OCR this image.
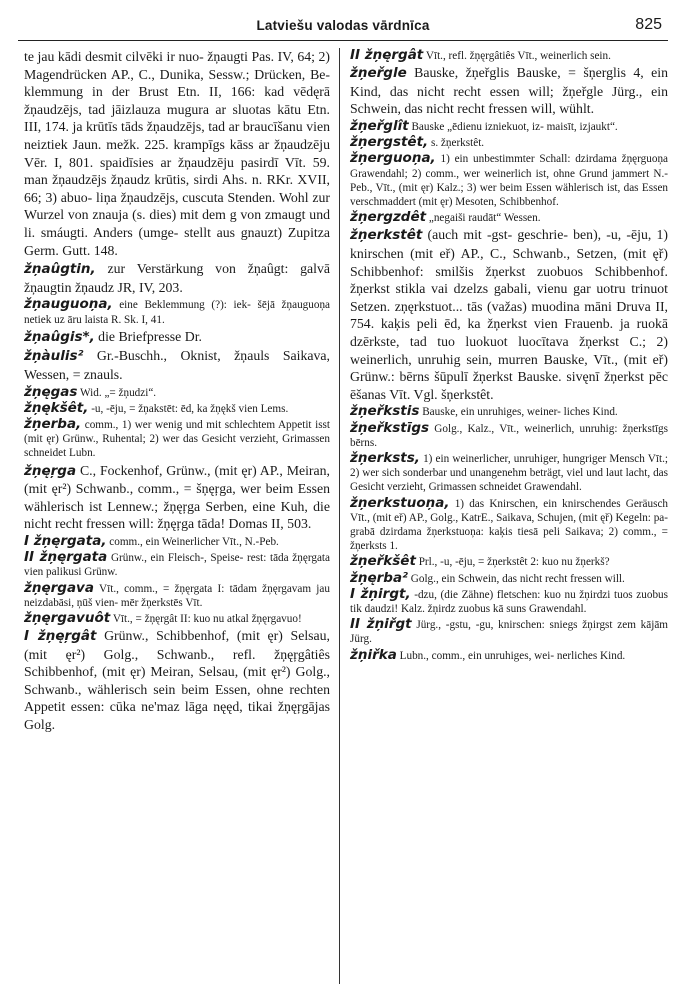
Latviešu valodas vārdnīca	825

te jau kādi desmit cilvēki ir nuo- žņaugti Pas. IV, 64; 2) Magendrücken AP., C., Dunika, Sessw.; Drücken, Be- klemmung in der Brust Etn. II, 166: kad vēdęrā žņaudzējs, tad jāizlauza mugura ar sluotas kātu Etn. III, 174. ja krūtīs tāds žņaudzējs, tad ar braucīšanu vien neiztiek Jaun. mežk. 225. krampīgs kāss ar žņaudzēju Vēr. I, 801. spaidīsies ar žņaudzēju pasirdī Vīt. 59. man žņaudzējs žņaudz krūtis, sirdi Ahs. n. RKr. XVII, 66; 3) abuo- liņa žņaudzējs, cuscuta Stenden. Wohl zur Wurzel von znauja (s. dies) mit dem g von zmaugt und li. smáugti. Anders (umge- stellt aus gnauzt) Zupitza Germ. Gutt. 148.

žņaûgtin, zur Verstärkung von žņaûgt: galvā žņaugtin žņaudz JR, IV, 203.

žņauguoņa, eine Beklemmung (?): iek- šējā žņauguoņa netiek uz āru laista R. Sk. I, 41.

žņaûgis*, die Briefpresse Dr.

žņàulis² Gr.-Buschh., Oknist, žņauls Saikava, Wessen, = znauls.

žņęgas Wid. „= žņudzi“.

žņękšêt, -u, -ēju, = žņakstēt: ēd, ka žņękš vien Lems.

žņerba, comm., 1) wer wenig und mit schlechtem Appetit isst (mit ęr) Grünw., Ruhental; 2) wer das Gesicht verzieht, Grimassen schneidet Lubn.

žņęŗga C., Fockenhof, Grünw., (mit ęr) AP., Meiran, (mit ęr²) Schwanb., comm., = šņęŗga, wer beim Essen wählerisch ist Lennew.; žņęŗga Serben, eine Kuh, die nicht recht fressen will: žņęŗga tāda! Domas II, 503.

I žņęrgata, comm., ein Weinerlicher Vīt., N.-Peb.

II žņęrgata Grünw., ein Fleisch-, Speise- rest: tāda žņęrgata vien palikusi Grünw.

žņęrgava Vīt., comm., = žņęrgata I: tādam žņęrgavam jau neizdabāsi, ņūš vien- mēr žņerkstēs Vīt.

žņęrgavuôt Vīt., = žņęrgât II: kuo nu atkal žņęrgavuo!

I žņęŗgât Grünw., Schibbenhof, (mit ęr) Selsau, (mit ęr²) Golg., Schwanb., refl. žņęŗgâtiês Schibbenhof, (mit ęr) Meiran, Selsau, (mit ęr²) Golg., Schwanb., wählerisch sein beim Essen, ohne rechten Appetit essen: cūka ne'maz lāga nęęd, tikai žņęŗgājas Golg.

II žņęrgât Vīt., refl. žņęrgâtiês Vīt., weinerlich sein.

žņeřgle Bauske, žņeřglis Bauske, = šņerglis 4, ein Kind, das nicht recht essen will; žņeřgle Jürg., ein Schwein, das nicht recht fressen will, wühlt.

žņeřglît Bauske „ēdienu izniekuot, iz- maisīt, izjaukt“.

žņergstêt, s. žņerkstêt.

žņerguoņa, 1) ein unbestimmter Schall: dzirdama žņęrguoņa Grawendahl; 2) comm., wer weinerlich ist, ohne Grund jammert N.- Peb., Vīt., (mit ęr) Kalz.; 3) wer beim Essen wählerisch ist, das Essen verschmaddert (mit ęr) Mesoten, Schibbenhof.

žņergzdêt „negaiši raudāt“ Wessen.

žņerkstêt (auch mit -gst- geschrie- ben), -u, -ēju, 1) knirschen (mit eř) AP., C., Schwanb., Setzen, (mit ęř) Schibbenhof: smilšis žņerkst zuobuos Schibbenhof. žņerkst stikla vai dzelzs gabali, vienu gar uotru trinuot Setzen. zņęrkstuot... tās (važas) muodina māni Druva II, 754. kaķis peli ēd, ka žņerkst vien Frauenb. ja ruokā dzērkste, tad tuo luokuot luocītava žņerkst C.; 2) weinerlich, unruhig sein, murren Bauske, Vīt., (mit eř) Grünw.: bērns šūpulī žņerkst Bauske. sivęnī žņerkst pēc ēšanas Vīt. Vgl. šņerkstêt.

žņeřkstis Bauske, ein unruhiges, weiner- liches Kind.

žņeřkstīgs Golg., Kalz., Vīt., weinerlich, unruhig: žņerkstīgs bērns.

žņerksts, 1) ein weinerlicher, unruhiger, hungriger Mensch Vīt.; 2) wer sich sonderbar und unangenehm beträgt, viel und laut lacht, das Gesicht verzieht, Grimassen schneidet Grawendahl.

žņerkstuoņa, 1) das Knirschen, ein knirschendes Geräusch Vīt., (mit eř) AP., Golg., KatrE., Saikava, Schujen, (mit ęř) Kegeln: pa- grabā dzirdama žņerkstuoņa: kaķis tiesā peli Saikava; 2) comm., = žņerksts 1.

žņeřkšêt Prl., -u, -ēju, = žņerkstêt 2: kuo nu žņerkš?

žņęrba² Golg., ein Schwein, das nicht recht fressen will.

I žņirgt, -dzu, (die Zähne) fletschen: kuo nu žņirdzi tuos zuobus tik daudzi! Kalz. žņirdz zuobus kā suns Grawendahl.

II žņiřgt Jürg., -gstu, -gu, knirschen: sniegs žņirgst zem kājām Jürg.

žņiřka Lubn., comm., ein unruhiges, wei- nerliches Kind.
